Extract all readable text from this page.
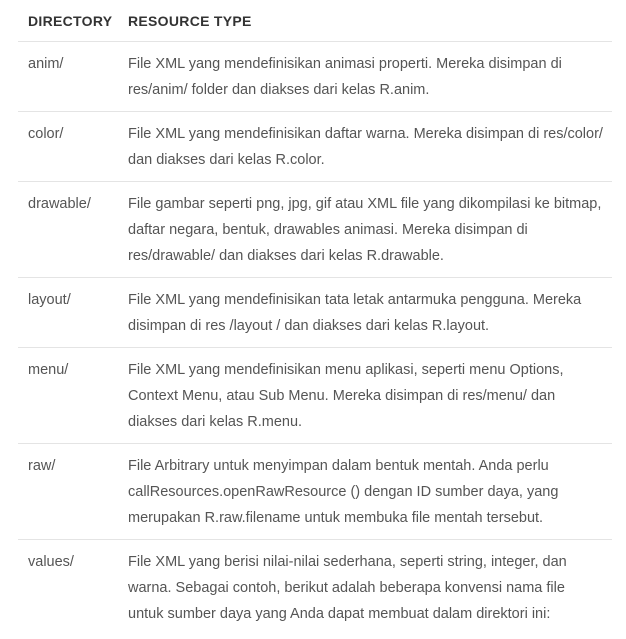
DIRECTORY	RESOURCE TYPE
anim/	File XML yang mendefinisikan animasi properti. Mereka disimpan di res/anim/ folder dan diakses dari kelas R.anim.
color/	File XML yang mendefinisikan daftar warna. Mereka disimpan di res/color/ dan diakses dari kelas R.color.
drawable/	File gambar seperti png, jpg, gif atau XML file yang dikompilasi ke bitmap, daftar negara, bentuk, drawables animasi. Mereka disimpan di res/drawable/ dan diakses dari kelas R.drawable.
layout/	File XML yang mendefinisikan tata letak antarmuka pengguna. Mereka disimpan di res /layout / dan diakses dari kelas R.layout.
menu/	File XML yang mendefinisikan menu aplikasi, seperti menu Options, Context Menu, atau Sub Menu. Mereka disimpan di res/menu/ dan diakses dari kelas R.menu.
raw/	File Arbitrary untuk menyimpan dalam bentuk mentah. Anda perlu callResources.openRawResource () dengan ID sumber daya, yang merupakan R.raw.filename untuk membuka file mentah tersebut.
values/	File XML yang berisi nilai-nilai sederhana, seperti string, integer, dan warna. Sebagai contoh, berikut adalah beberapa konvensi nama file untuk sumber daya yang Anda dapat membuat dalam direktori ini:
